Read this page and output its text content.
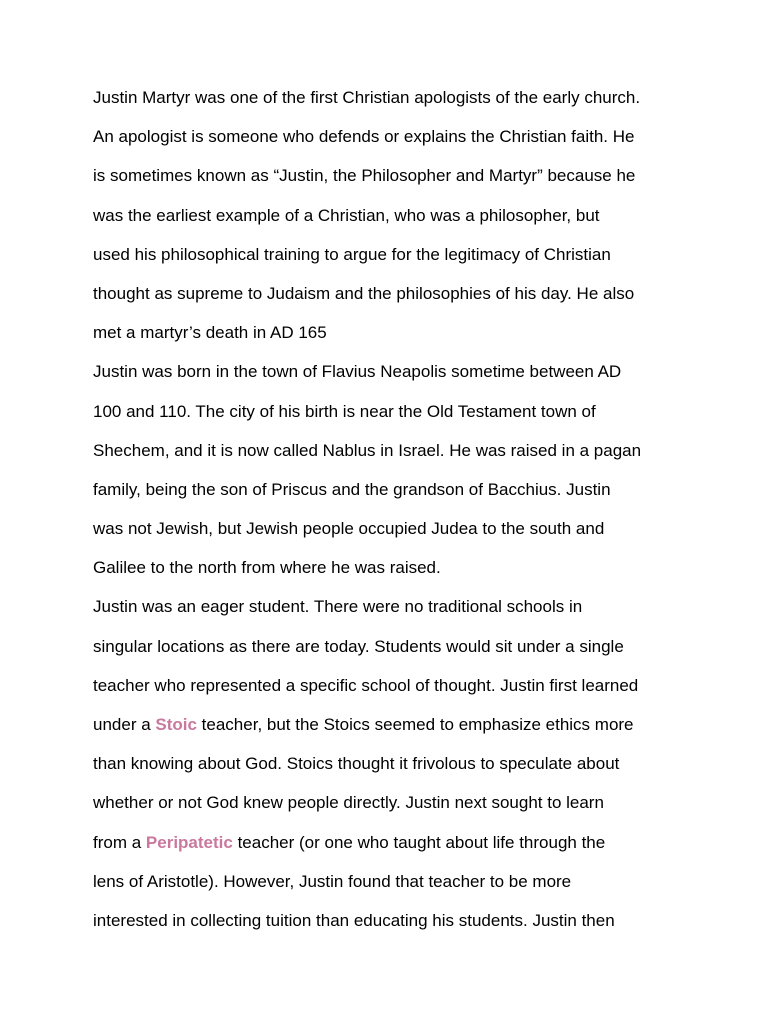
Justin Martyr was one of the first Christian apologists of the early church.
An apologist is someone who defends or explains the Christian faith. He
is sometimes known as “Justin, the Philosopher and Martyr” because he
was the earliest example of a Christian, who was a philosopher, but
used his philosophical training to argue for the legitimacy of Christian
thought as supreme to Judaism and the philosophies of his day. He also
met a martyr’s death in AD 165
Justin was born in the town of Flavius Neapolis sometime between AD
100 and 110. The city of his birth is near the Old Testament town of
Shechem, and it is now called Nablus in Israel. He was raised in a pagan
family, being the son of Priscus and the grandson of Bacchius. Justin
was not Jewish, but Jewish people occupied Judea to the south and
Galilee to the north from where he was raised.
Justin was an eager student. There were no traditional schools in
singular locations as there are today. Students would sit under a single
teacher who represented a specific school of thought. Justin first learned
under a Stoic teacher, but the Stoics seemed to emphasize ethics more
than knowing about God. Stoics thought it frivolous to speculate about
whether or not God knew people directly. Justin next sought to learn
from a Peripatetic teacher (or one who taught about life through the
lens of Aristotle). However, Justin found that teacher to be more
interested in collecting tuition than educating his students. Justin then
